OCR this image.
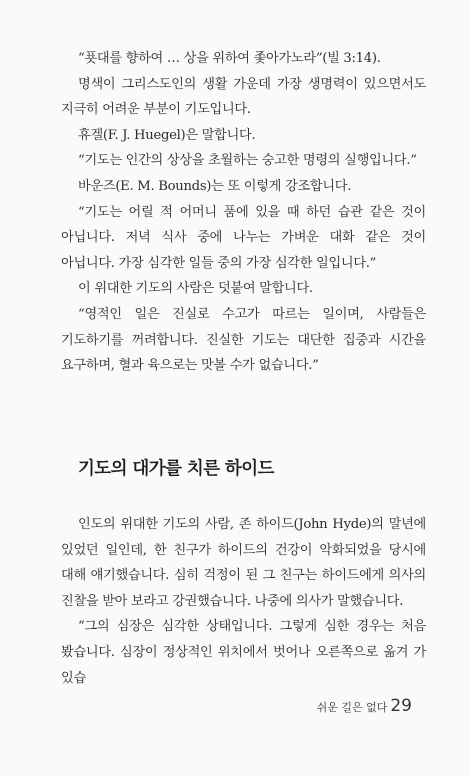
“푯대를 향하여 … 상을 위하여 좇아가노라”(빌 3:14).

명색이 그리스도인의 생활 가운데 가장 생명력이 있으면서도 지극히 어려운 부분이 기도입니다.

휴겔(F. J. Huegel)은 말합니다.

“기도는 인간의 상상을 초월하는 숭고한 명령의 실행입니다.”

바운즈(E. M. Bounds)는 또 이렇게 강조합니다.

“기도는 어릴 적 어머니 품에 있을 때 하던 습관 같은 것이 아닙니다. 저녁 식사 중에 나누는 가벼운 대화 같은 것이 아닙니다. 가장 심각한 일들 중의 가장 심각한 일입니다.”

이 위대한 기도의 사람은 덧붙여 말합니다.

“영적인 일은 진실로 수고가 따르는 일이며, 사람들은 기도하기를 꺼려합니다. 진실한 기도는 대단한 집중과 시간을 요구하며, 혈과 육으로는 맛볼 수가 없습니다.”

기도의 대가를 치른 하이드

인도의 위대한 기도의 사람, 존 하이드(John Hyde)의 말년에 있었던 일인데, 한 친구가 하이드의 건강이 악화되었을 당시에 대해 얘기했습니다. 심히 걱정이 된 그 친구는 하이드에게 의사의 진찰을 받아 보라고 강권했습니다. 나중에 의사가 말했습니다.

“그의 심장은 심각한 상태입니다. 그렇게 심한 경우는 처음 봤습니다. 심장이 정상적인 위치에서 벗어나 오른쪽으로 옮겨 가 있습

쉬운 길은 없다 29
